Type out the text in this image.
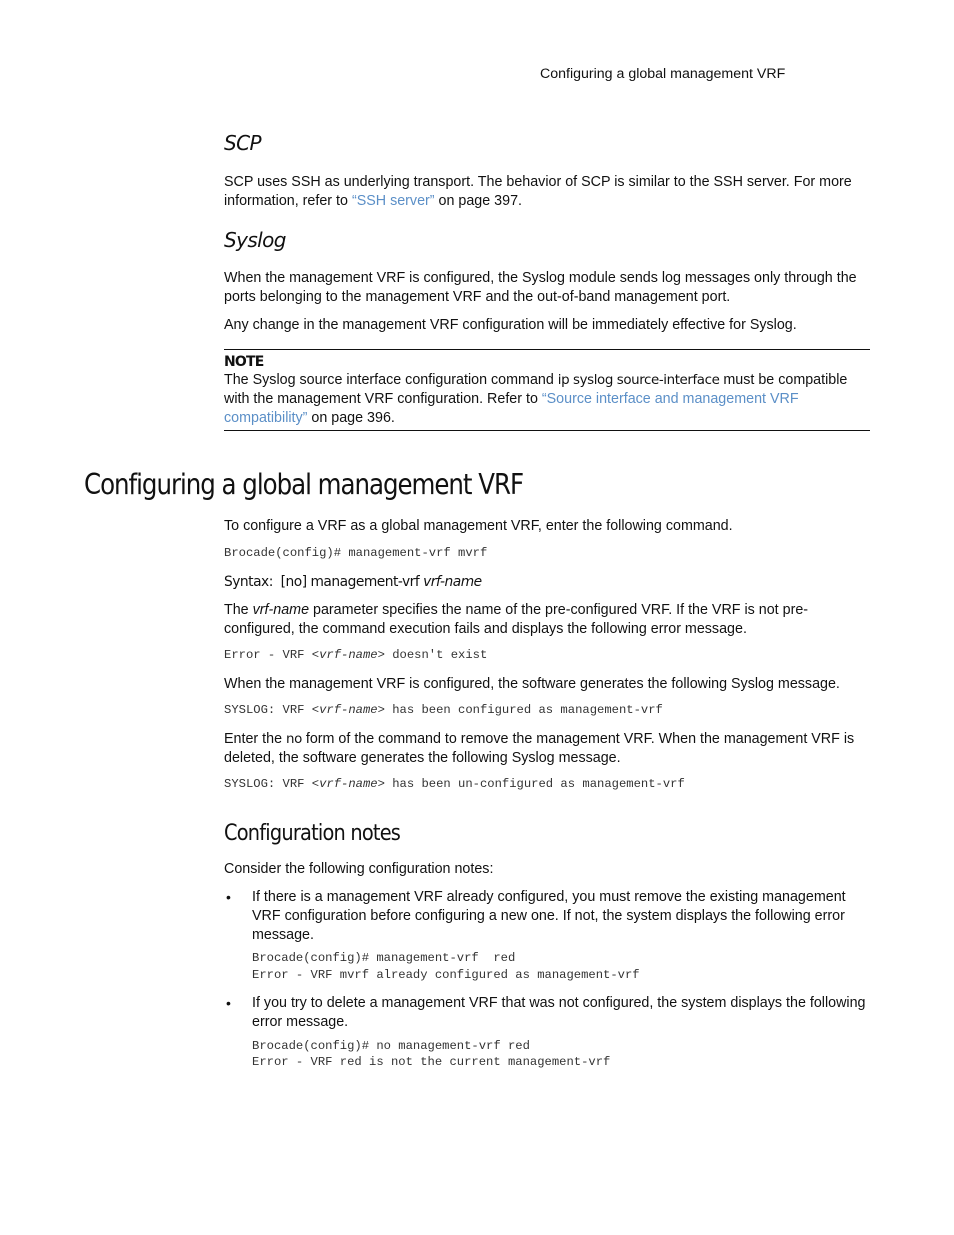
Configuring a global management VRF
SCP
SCP uses SSH as underlying transport. The behavior of SCP is similar to the SSH server. For more information, refer to “SSH server” on page 397.
Syslog
When the management VRF is configured, the Syslog module sends log messages only through the ports belonging to the management VRF and the out-of-band management port.
Any change in the management VRF configuration will be immediately effective for Syslog.
NOTE
The Syslog source interface configuration command ip syslog source-interface must be compatible with the management VRF configuration. Refer to “Source interface and management VRF compatibility” on page 396.
Configuring a global management VRF
To configure a VRF as a global management VRF, enter the following command.
Brocade(config)# management-vrf mvrf
Syntax: [no] management-vrf vrf-name
The vrf-name parameter specifies the name of the pre-configured VRF. If the VRF is not pre-configured, the command execution fails and displays the following error message.
Error - VRF <vrf-name> doesn't exist
When the management VRF is configured, the software generates the following Syslog message.
SYSLOG: VRF <vrf-name> has been configured as management-vrf
Enter the no form of the command to remove the management VRF. When the management VRF is deleted, the software generates the following Syslog message.
SYSLOG: VRF <vrf-name> has been un-configured as management-vrf
Configuration notes
Consider the following configuration notes:
• If there is a management VRF already configured, you must remove the existing management VRF configuration before configuring a new one. If not, the system displays the following error message.
Brocade(config)# management-vrf  red
Error - VRF mvrf already configured as management-vrf
• If you try to delete a management VRF that was not configured, the system displays the following error message.
Brocade(config)# no management-vrf red
Error - VRF red is not the current management-vrf
